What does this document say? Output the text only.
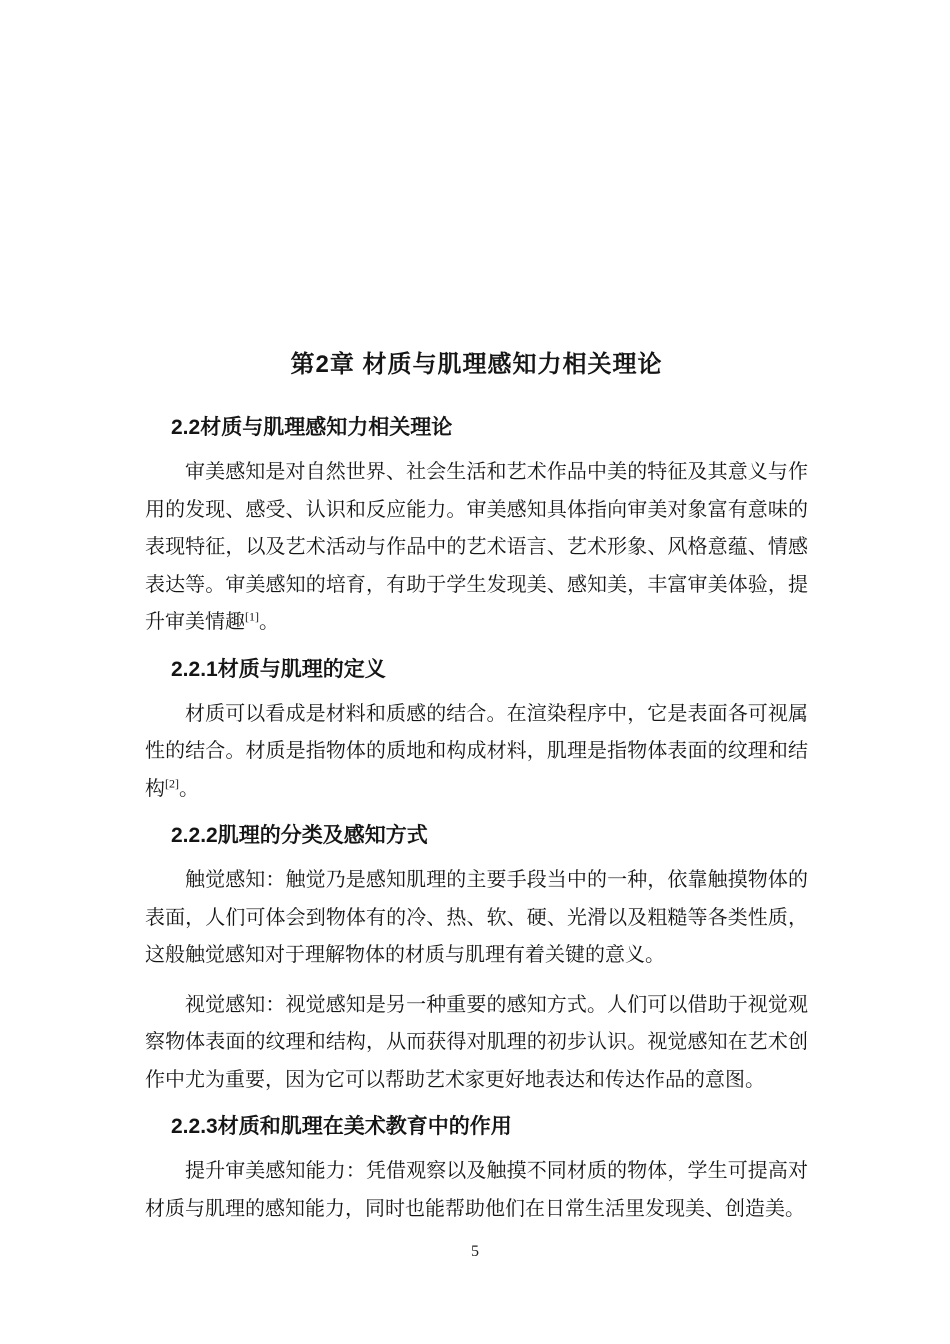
第2章 材质与肌理感知力相关理论
2.2材质与肌理感知力相关理论

审美感知是对自然世界、社会生活和艺术作品中美的特征及其意义与作用的发现、感受、认识和反应能力。审美感知具体指向审美对象富有意味的表现特征，以及艺术活动与作品中的艺术语言、艺术形象、风格意蕴、情感表达等。审美感知的培育，有助于学生发现美、感知美，丰富审美体验，提升审美情趣[1]。

2.2.1材质与肌理的定义

材质可以看成是材料和质感的结合。在渲染程序中，它是表面各可视属性的结合。材质是指物体的质地和构成材料，肌理是指物体表面的纹理和结构[2]。

2.2.2肌理的分类及感知方式

触觉感知：触觉乃是感知肌理的主要手段当中的一种，依靠触摸物体的表面，人们可体会到物体有的冷、热、软、硬、光滑以及粗糙等各类性质，这般触觉感知对于理解物体的材质与肌理有着关键的意义。

视觉感知：视觉感知是另一种重要的感知方式。人们可以借助于视觉观察物体表面的纹理和结构，从而获得对肌理的初步认识。视觉感知在艺术创作中尤为重要，因为它可以帮助艺术家更好地表达和传达作品的意图。

2.2.3材质和肌理在美术教育中的作用

提升审美感知能力：凭借观察以及触摸不同材质的物体，学生可提高对材质与肌理的感知能力，同时也能帮助他们在日常生活里发现美、创造美。

5
